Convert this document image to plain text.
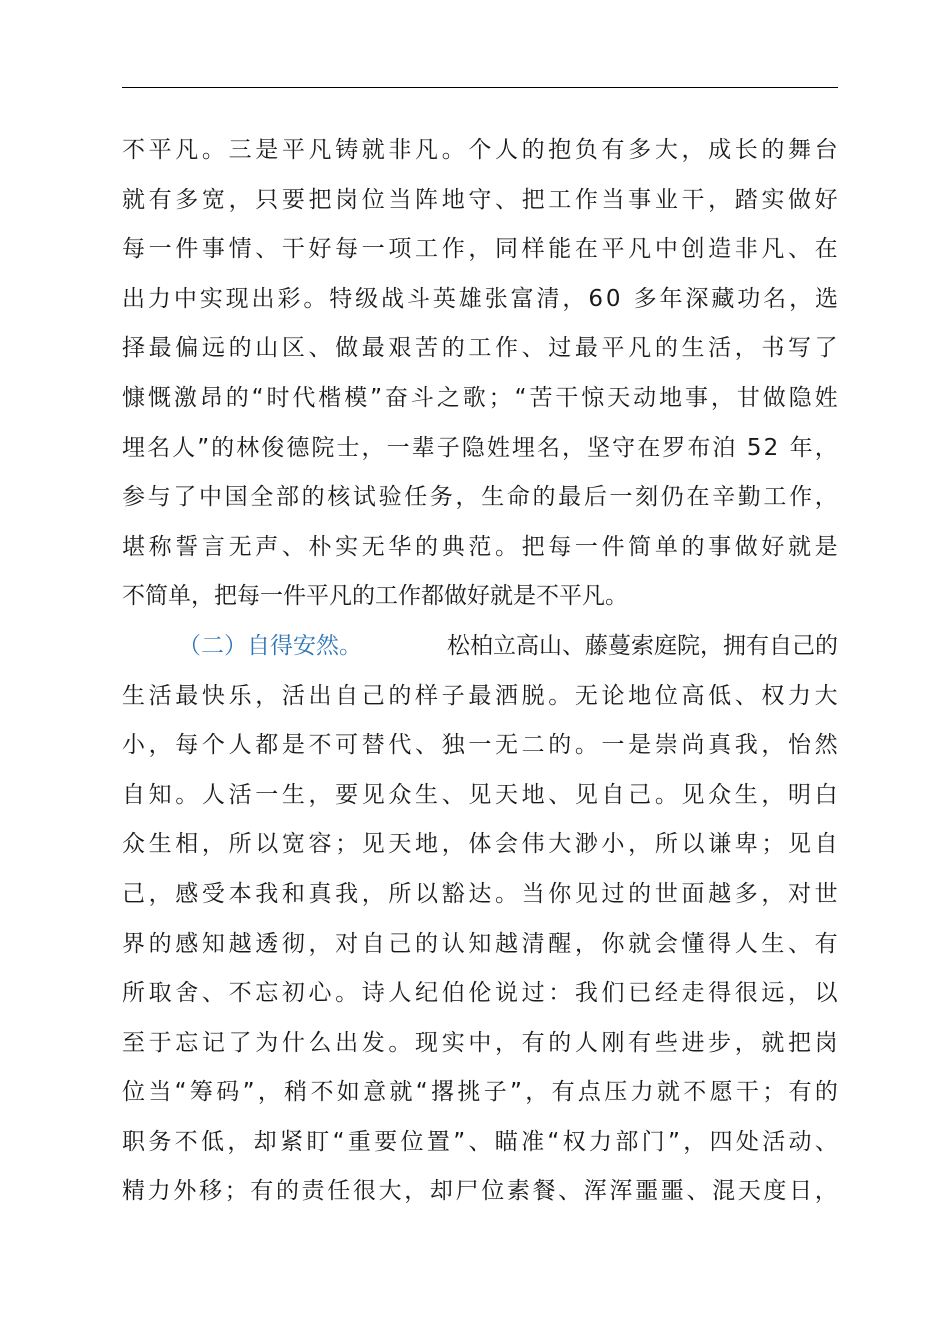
不 平 凡 。 三 是 平 凡 铸 就 非 凡 。 个 人 的 抱 负 有 多 大 ， 成 长 的 舞 台
就 有 多 宽 ， 只 要 把 岗 位 当 阵 地 守 、 把 工 作 当 事 业 干 ， 踏 实 做 好
每 一 件 事 情 、 干 好 每 一 项 工 作 ， 同 样 能 在 平 凡 中 创 造 非 凡 、 在
出 力 中 实 现 出 彩 。 特 级 战 斗 英 雄 张 富 清 ， 6 0
多 年 深 藏 功 名 ， 选
择 最 偏 远 的 山 区 、 做 最 艰 苦 的 工 作 、 过 最 平 凡 的 生 活 ， 书 写 了
慷 慨 激 昂 的 “ 时 代 楷 模 ” 奋 斗 之 歌 ； “ 苦 干 惊 天 动 地 事 ， 甘 做 隐 姓
埋 名 人 ” 的 林 俊 德 院 士 ， 一 辈 子 隐 姓 埋 名 ， 坚 守 在 罗 布 泊
5 2
年 ，
参 与 了 中 国 全 部 的 核 试 验 任 务 ， 生 命 的 最 后 一 刻 仍 在 辛 勤 工 作 ，
堪 称 誓 言 无 声 、 朴 实 无 华 的 典 范 。 把 每 一 件 简 单 的 事 做 好 就 是
不简单，把每一件平凡的工作都做好就是不平凡。
（二）自得安然。	松柏立高山、藤蔓索庭院，拥有自己的
生 活 最 快 乐 ， 活 出 自 己 的 样 子 最 洒 脱 。 无 论 地 位 高 低 、 权 力 大
小 ， 每 个 人 都 是 不 可 替 代 、 独 一 无 二 的 。 一 是 崇 尚 真 我 ， 怡 然
自 知 。 人 活 一 生 ， 要 见 众 生 、 见 天 地 、 见 自 己 。 见 众 生 ， 明 白
众 生 相 ， 所 以 宽 容 ； 见 天 地 ， 体 会 伟 大 渺 小 ， 所 以 谦 卑 ； 见 自
己 ， 感 受 本 我 和 真 我 ， 所 以 豁 达 。 当 你 见 过 的 世 面 越 多 ， 对 世
界 的 感 知 越 透 彻 ， 对 自 己 的 认 知 越 清 醒 ， 你 就 会 懂 得 人 生 、 有
所 取 舍 、 不 忘 初 心 。 诗 人 纪 伯 伦 说 过 ： 我 们 已 经 走 得 很 远 ， 以
至 于 忘 记 了 为 什 么 出 发 。 现 实 中 ， 有 的 人 刚 有 些 进 步 ， 就 把 岗
位 当 “ 筹 码 ” ， 稍 不 如 意 就 “ 撂 挑 子 ” ， 有 点 压 力 就 不 愿 干 ； 有 的
职 务 不 低 ， 却 紧 盯 “ 重 要 位 置 ” 、 瞄 准 “ 权 力 部 门 ” ， 四 处 活 动 、
精 力 外 移 ； 有 的 责 任 很 大 ， 却 尸 位 素 餐 、 浑 浑 噩 噩 、 混 天 度 日 ，
